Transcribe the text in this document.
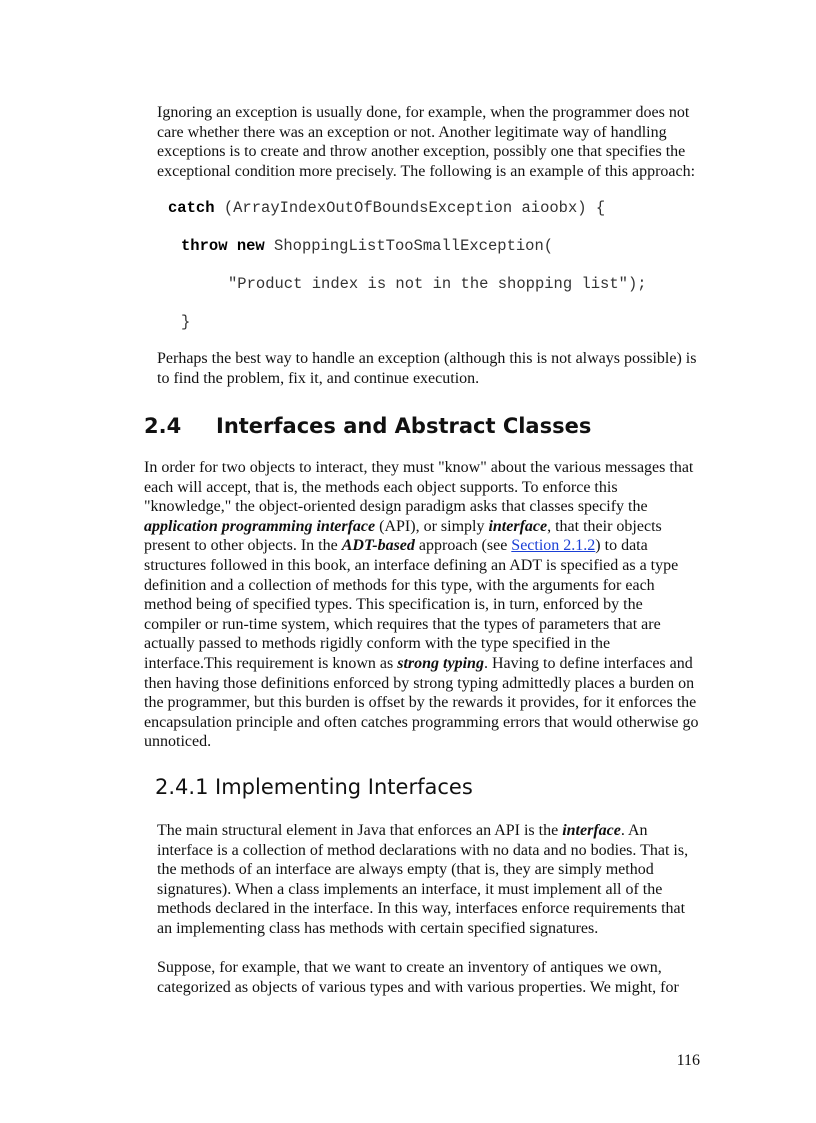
Ignoring an exception is usually done, for example, when the programmer does not care whether there was an exception or not. Another legitimate way of handling exceptions is to create and throw another exception, possibly one that specifies the exceptional condition more precisely. The following is an example of this approach:

catch (ArrayIndexOutOfBoundsException aioobx) {
throw new ShoppingListTooSmallException(
"Product index is not in the shopping list");
}

Perhaps the best way to handle an exception (although this is not always possible) is to find the problem, fix it, and continue execution.

2.4 Interfaces and Abstract Classes

In order for two objects to interact, they must "know" about the various messages that each will accept, that is, the methods each object supports. To enforce this "knowledge," the object-oriented design paradigm asks that classes specify the application programming interface (API), or simply interface, that their objects present to other objects. In the ADT-based approach (see Section 2.1.2) to data structures followed in this book, an interface defining an ADT is specified as a type definition and a collection of methods for this type, with the arguments for each method being of specified types. This specification is, in turn, enforced by the compiler or run-time system, which requires that the types of parameters that are actually passed to methods rigidly conform with the type specified in the interface.This requirement is known as strong typing. Having to define interfaces and then having those definitions enforced by strong typing admittedly places a burden on the programmer, but this burden is offset by the rewards it provides, for it enforces the encapsulation principle and often catches programming errors that would otherwise go unnoticed.

2.4.1 Implementing Interfaces

The main structural element in Java that enforces an API is the interface. An interface is a collection of method declarations with no data and no bodies. That is, the methods of an interface are always empty (that is, they are simply method signatures). When a class implements an interface, it must implement all of the methods declared in the interface. In this way, interfaces enforce requirements that an implementing class has methods with certain specified signatures.

Suppose, for example, that we want to create an inventory of antiques we own, categorized as objects of various types and with various properties. We might, for

116
